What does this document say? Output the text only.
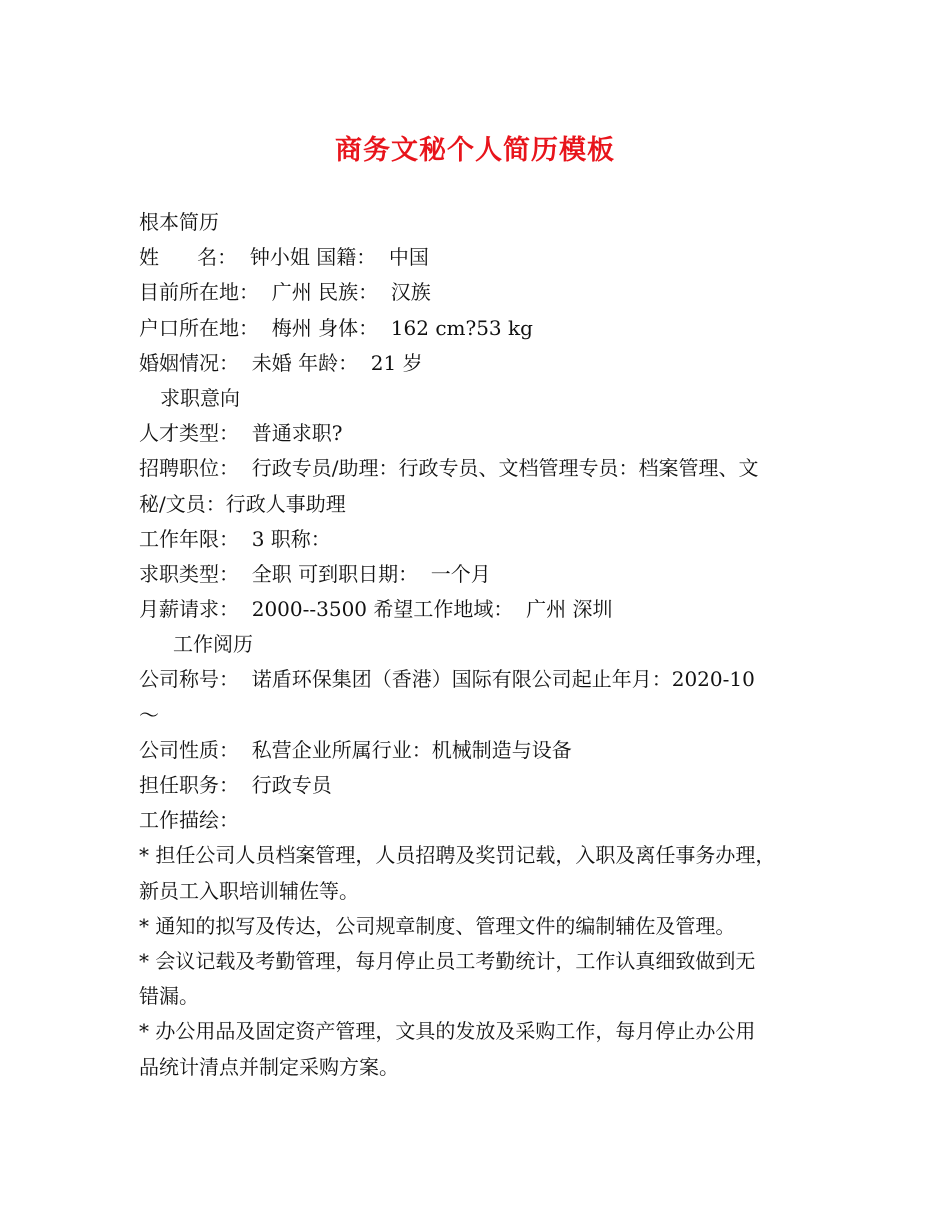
商务文秘个人简历模板
根本简历
姓      名：  钟小姐 国籍：  中国
目前所在地：  广州 民族：  汉族
户口所在地：  梅州 身体：  162 cm?53 kg
婚姻情况：  未婚 年龄：  21 岁
求职意向
人才类型：  普通求职?
招聘职位：  行政专员/助理：行政专员、文档管理专员：档案管理、文
秘/文员：行政人事助理
工作年限：  3 职称：
求职类型：  全职 可到职日期：  一个月
月薪请求：  2000--3500 希望工作地域：  广州 深圳
工作阅历
公司称号：  诺盾环保集团（香港）国际有限公司起止年月：2020-10
～
公司性质：  私营企业所属行业：机械制造与设备
担任职务：  行政专员
工作描绘：
* 担任公司人员档案管理，人员招聘及奖罚记载，入职及离任事务办理，
新员工入职培训辅佐等。
* 通知的拟写及传达，公司规章制度、管理文件的编制辅佐及管理。
* 会议记载及考勤管理，每月停止员工考勤统计，工作认真细致做到无
错漏。
* 办公用品及固定资产管理，文具的发放及采购工作，每月停止办公用
品统计清点并制定采购方案。
